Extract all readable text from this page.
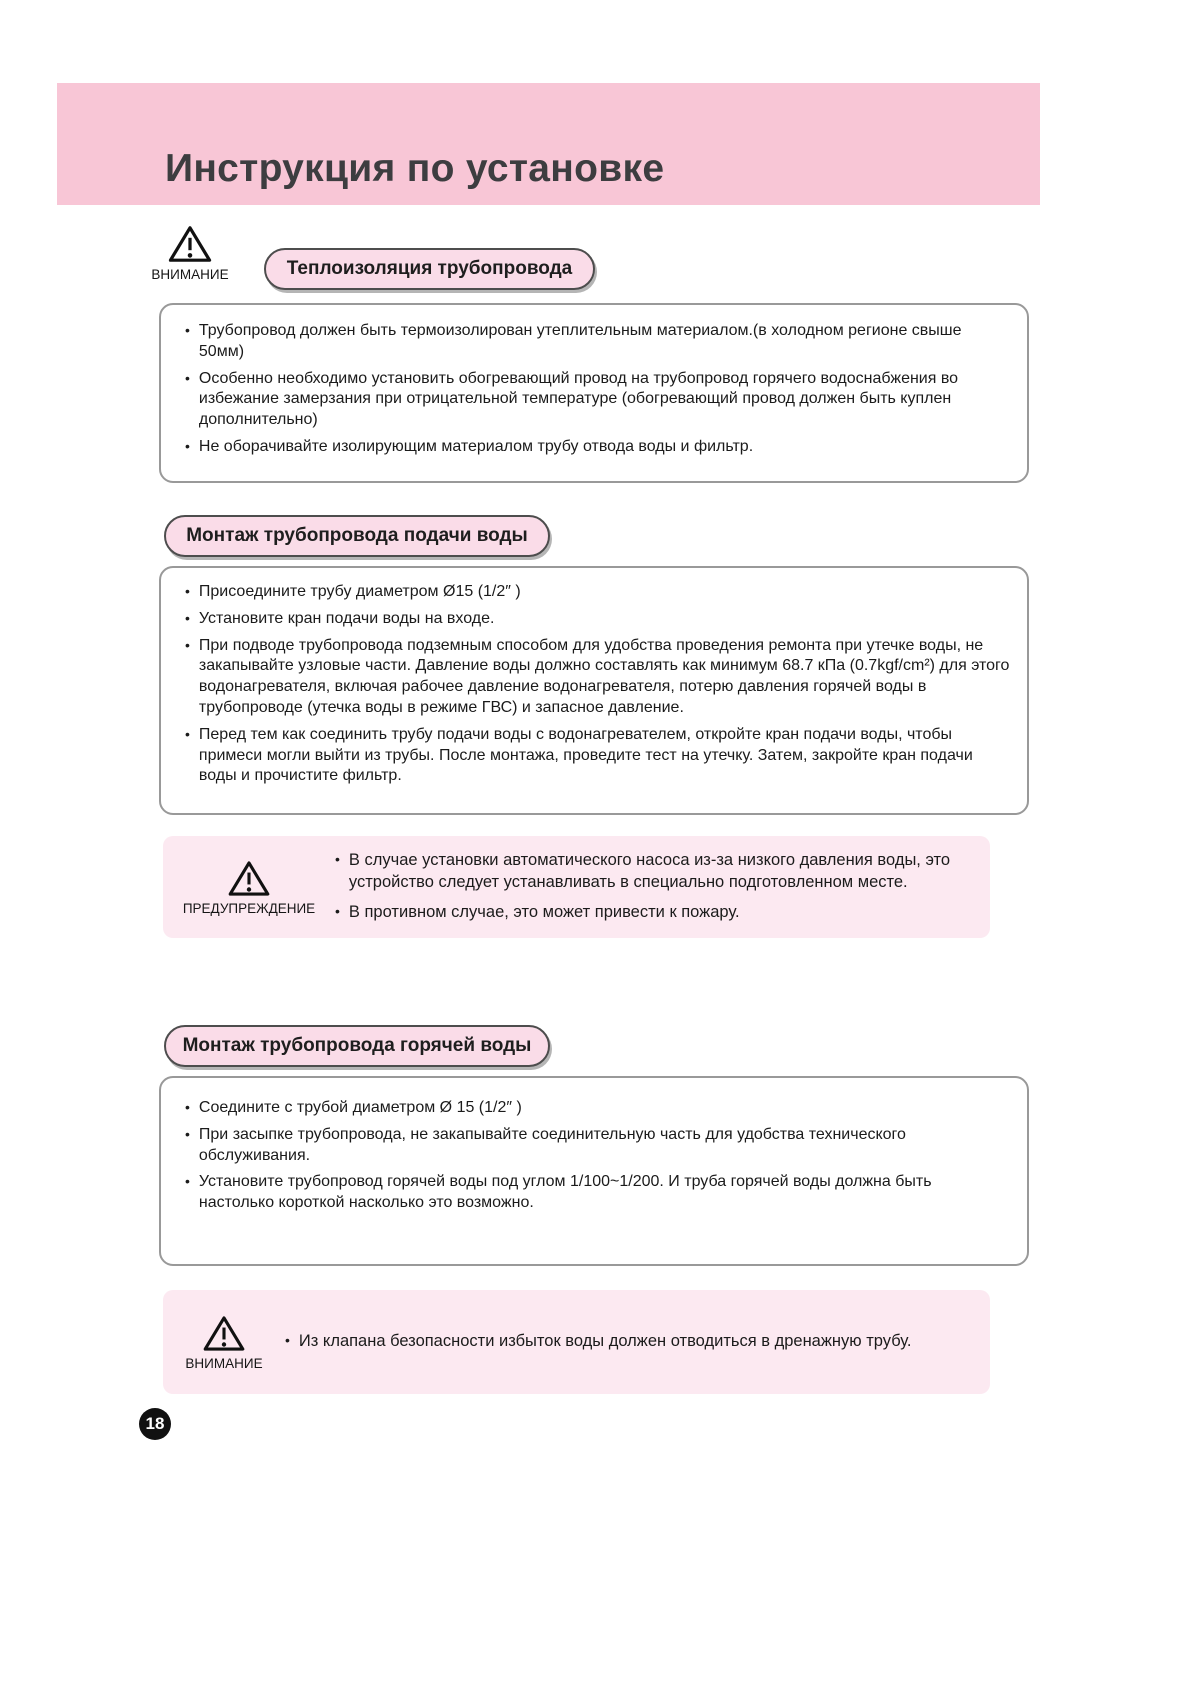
Инструкция по установке
ВНИМАНИЕ	Теплоизоляция трубопровода

• Трубопровод должен быть термоизолирован утеплительным материалом.(в холодном регионе свыше 50мм)

• Особенно необходимо установить обогревающий провод на трубопровод горячего водоснабжения во избежание замерзания при отрицательной температуре (обогревающий провод должен быть куплен дополнительно)

• Не оборачивайте изолирующим материалом трубу отвода воды и фильтр.

Монтаж трубопровода подачи воды

• Присоедините трубу диаметром Ø15 (1/2″ )

• Установите кран подачи воды на входе.

• При подводе трубопровода подземным способом для удобства проведения ремонта при утечке воды, не закапывайте узловые части. Давление воды должно составлять как минимум 68.7 кПа (0.7kgf/cm²) для этого водонагревателя, включая рабочее давление водонагревателя, потерю давления горячей воды в трубопроводе (утечка воды в режиме ГВС) и запасное давление.

• Перед тем как соединить трубу подачи воды с водонагревателем, откройте кран подачи воды, чтобы примеси могли выйти из трубы. После монтажа, проведите тест на утечку. Затем, закройте кран подачи воды и прочистите фильтр.

ПРЕДУПРЕЖДЕНИЕ

• В случае установки автоматического насоса из-за низкого давления воды, это устройство следует устанавливать в специально подготовленном месте.

• В противном случае, это может привести к пожару.

Монтаж трубопровода горячей воды

• Соедините с трубой диаметром Ø 15 (1/2″ )

• При засыпке трубопровода, не закапывайте соединительную часть для удобства технического обслуживания.

• Установите трубопровод горячей воды под углом 1/100~1/200. И труба горячей воды должна быть настолько короткой насколько это возможно.

ВНИМАНИЕ

• Из клапана безопасности избыток воды должен отводиться в дренажную трубу.

18
